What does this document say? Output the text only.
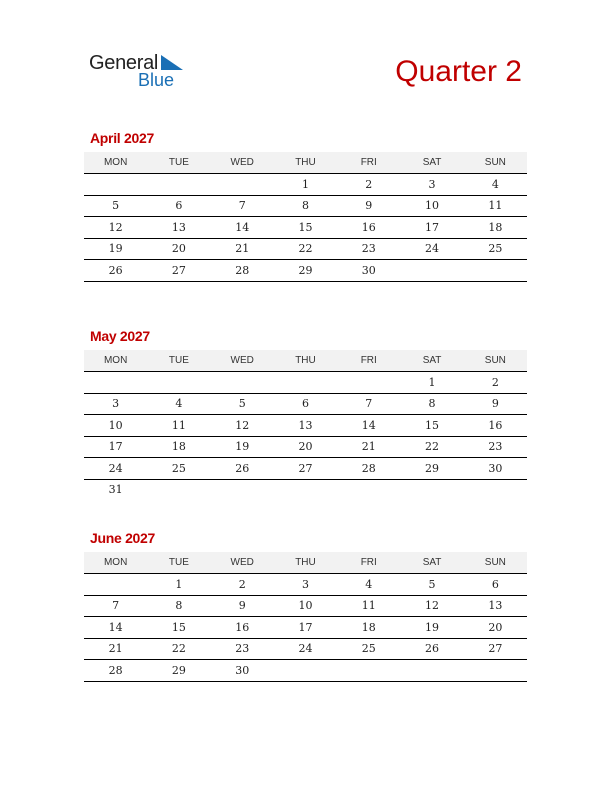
General
Blue	Quarter 2
April 2027
MON	TUE	WED	THU	FRI	SAT	SUN
			1	2	3	4
5	6	7	8	9	10	11
12	13	14	15	16	17	18
19	20	21	22	23	24	25
26	27	28	29	30		
May 2027
MON	TUE	WED	THU	FRI	SAT	SUN
					1	2
3	4	5	6	7	8	9
10	11	12	13	14	15	16
17	18	19	20	21	22	23
24	25	26	27	28	29	30
31						
June 2027
MON	TUE	WED	THU	FRI	SAT	SUN
	1	2	3	4	5	6
7	8	9	10	11	12	13
14	15	16	17	18	19	20
21	22	23	24	25	26	27
28	29	30				
